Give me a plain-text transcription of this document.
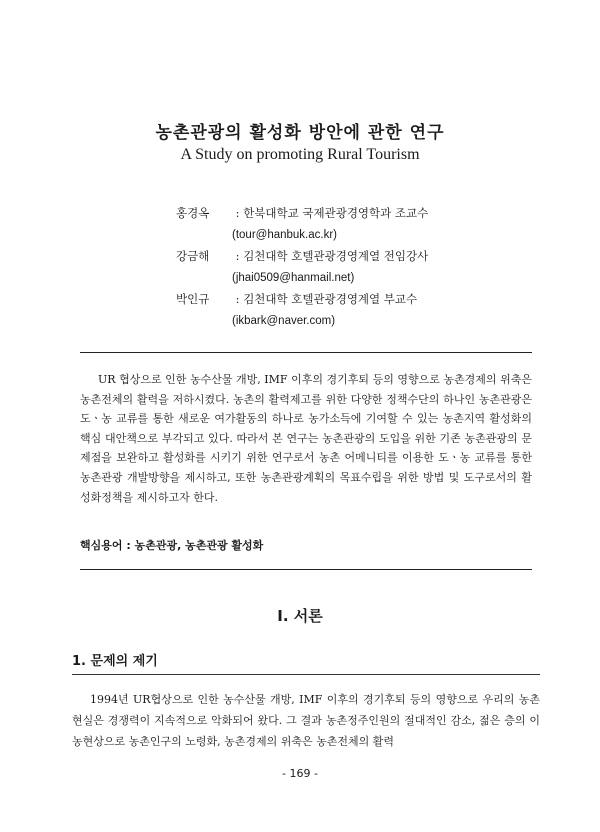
농촌관광의 활성화 방안에 관한 연구
A Study on promoting Rural Tourism
홍경옥 : 한북대학교 국제관광경영학과 조교수
(tour@hanbuk.ac.kr)
강금해 : 김천대학 호텔관광경영계열 전임강사
(jhai0509@hanmail.net)
박인규 : 김천대학 호텔관광경영계열 부교수
(ikbark@naver.com)

UR 협상으로 인한 농수산물 개방, IMF 이후의 경기후퇴 등의 영향으로 농촌경제의 위축은 농촌전체의 활력을 저하시켰다. 농촌의 활력제고를 위한 다양한 정책수단의 하나인 농촌관광은 도ㆍ농 교류를 통한 새로운 여가활동의 하나로 농가소득에 기여할 수 있는 농촌지역 활성화의 핵심 대안책으로 부각되고 있다. 따라서 본 연구는 농촌관광의 도입을 위한 기존 농촌관광의 문제점을 보완하고 활성화를 시키기 위한 연구로서 농촌 어메니티를 이용한 도ㆍ농 교류를 통한 농촌관광 개발방향을 제시하고, 또한 농촌관광계획의 목표수립을 위한 방법 및 도구로서의 활성화정책을 제시하고자 한다.

핵심용어 : 농촌관광, 농촌관광 활성화
Ⅰ. 서론
1. 문제의 제기

1994년 UR협상으로 인한 농수산물 개방, IMF 이후의 경기후퇴 등의 영향으로 우리의 농촌현실은 경쟁력이 지속적으로 악화되어 왔다. 그 결과 농촌정주인원의 절대적인 감소, 젊은 층의 이농현상으로 농촌인구의 노령화, 농촌경제의 위축은 농촌전체의 활력

- 169 -
